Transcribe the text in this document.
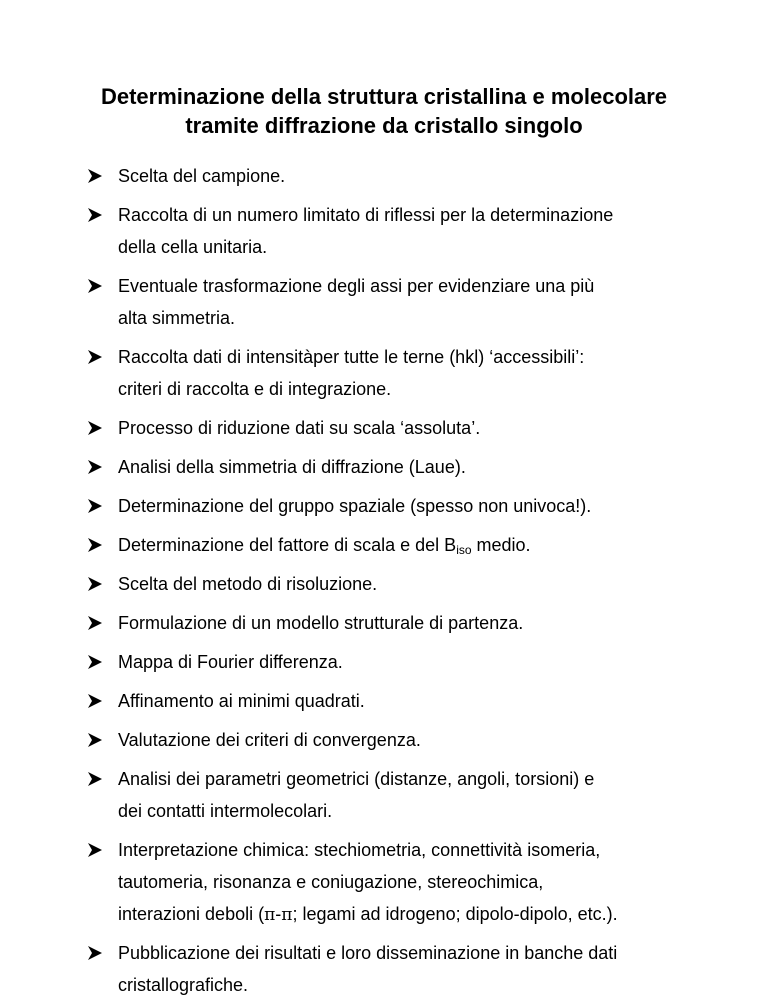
Determinazione della struttura cristallina e molecolare
tramite diffrazione da cristallo singolo
Scelta del campione.
Raccolta di un numero limitato di riflessi per la determinazione
della cella unitaria.
Eventuale trasformazione degli assi per evidenziare una più
alta simmetria.
Raccolta dati di intensitàper tutte le terne (hkl) ‘accessibili’:
criteri di raccolta e di integrazione.
Processo di riduzione dati su scala ‘assoluta’.
Analisi della simmetria di diffrazione (Laue).
Determinazione del gruppo spaziale (spesso non univoca!).
Determinazione del fattore di scala e del $B_{iso}$ medio.
Scelta del metodo di risoluzione.
Formulazione di un modello strutturale di partenza.
Mappa di Fourier differenza.
Affinamento ai minimi quadrati.
Valutazione dei criteri di convergenza.
Analisi dei parametri geometrici (distanze, angoli, torsioni) e
dei contatti intermolecolari.
Interpretazione chimica: stechiometria, connettività isomeria,
tautomeria, risonanza e coniugazione, stereochimica,
interazioni deboli (π-π; legami ad idrogeno; dipolo-dipolo, etc.).
Pubblicazione dei risultati e loro disseminazione in banche dati
cristallografiche.
